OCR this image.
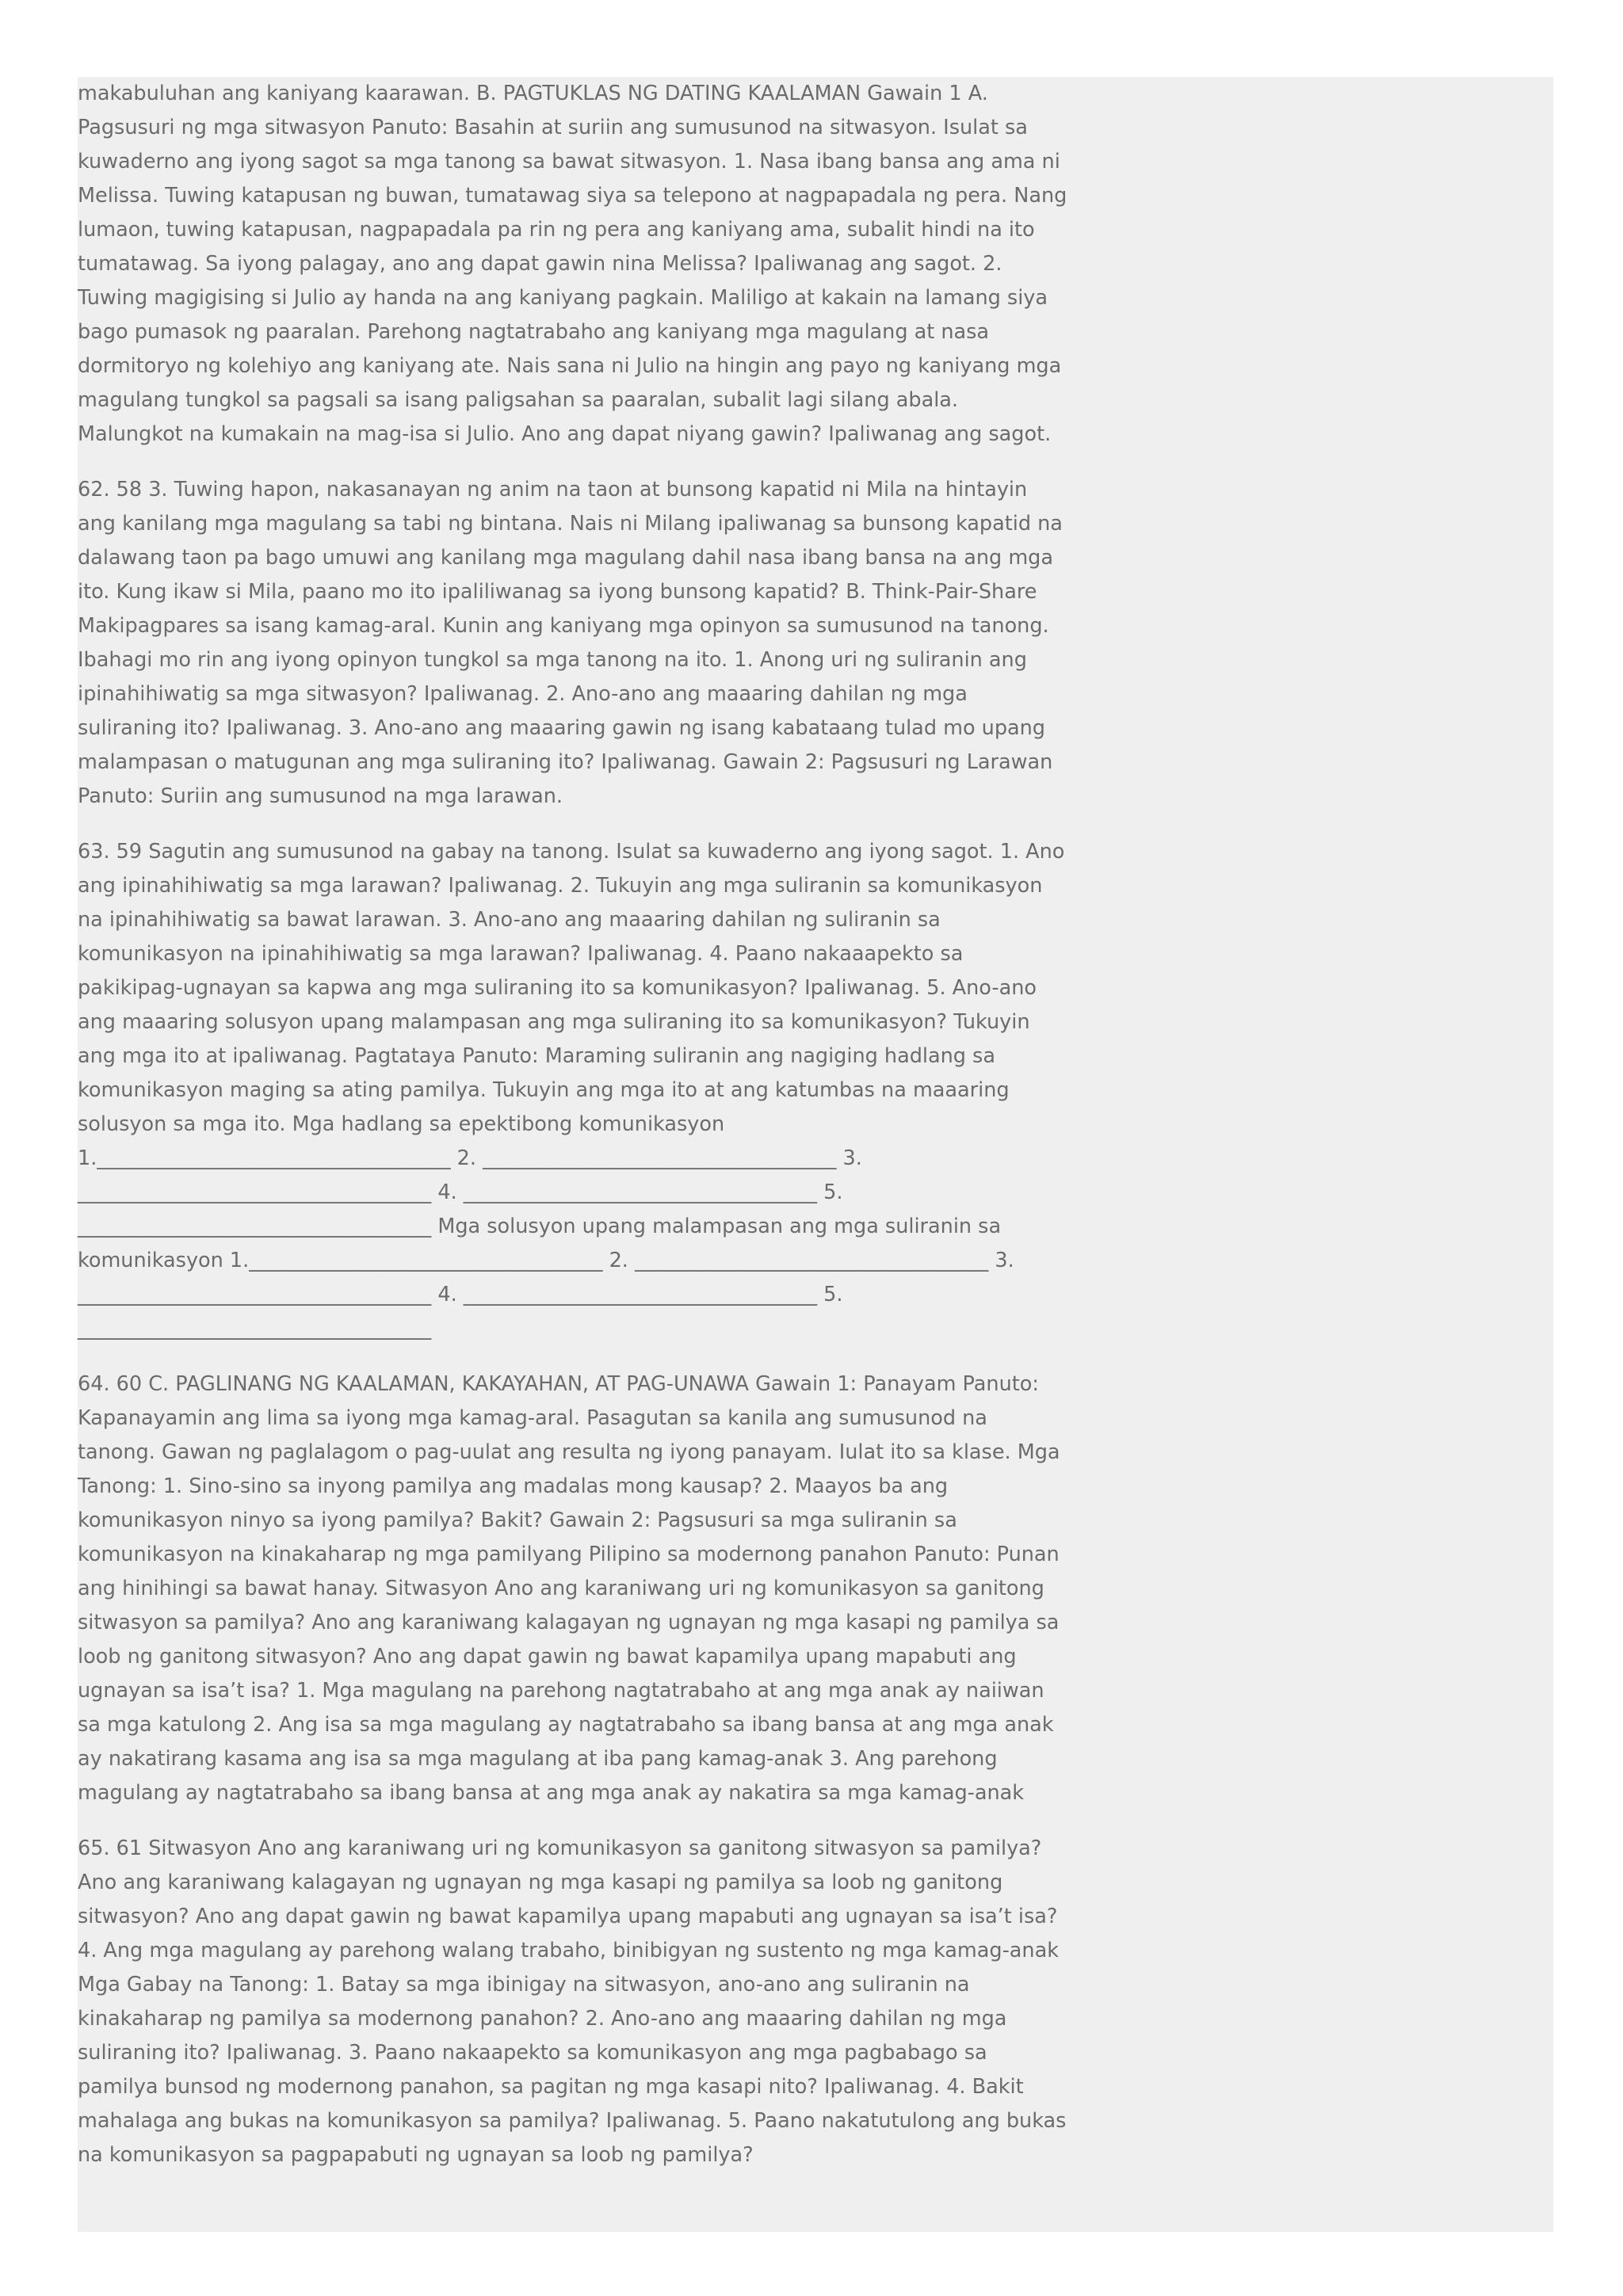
makabuluhan ang kaniyang kaarawan. B. PAGTUKLAS NG DATING KAALAMAN Gawain 1 A. Pagsusuri ng mga sitwasyon Panuto: Basahin at suriin ang sumusunod na sitwasyon. Isulat sa kuwaderno ang iyong sagot sa mga tanong sa bawat sitwasyon. 1. Nasa ibang bansa ang ama ni Melissa. Tuwing katapusan ng buwan, tumatawag siya sa telepono at nagpapadala ng pera. Nang lumaon, tuwing katapusan, nagpapadala pa rin ng pera ang kaniyang ama, subalit hindi na ito tumatawag. Sa iyong palagay, ano ang dapat gawin nina Melissa? Ipaliwanag ang sagot. 2. Tuwing magigising si Julio ay handa na ang kaniyang pagkain. Maliligo at kakain na lamang siya bago pumasok ng paaralan. Parehong nagtatrabaho ang kaniyang mga magulang at nasa dormitoryo ng kolehiyo ang kaniyang ate. Nais sana ni Julio na hingin ang payo ng kaniyang mga magulang tungkol sa pagsali sa isang paligsahan sa paaralan, subalit lagi silang abala. Malungkot na kumakain na mag-isa si Julio. Ano ang dapat niyang gawin? Ipaliwanag ang sagot.

62. 58 3. Tuwing hapon, nakasanayan ng anim na taon at bunsong kapatid ni Mila na hintayin ang kanilang mga magulang sa tabi ng bintana. Nais ni Milang ipaliwanag sa bunsong kapatid na dalawang taon pa bago umuwi ang kanilang mga magulang dahil nasa ibang bansa na ang mga ito. Kung ikaw si Mila, paano mo ito ipaliliwanag sa iyong bunsong kapatid? B. Think-Pair-Share Makipagpares sa isang kamag-aral. Kunin ang kaniyang mga opinyon sa sumusunod na tanong. Ibahagi mo rin ang iyong opinyon tungkol sa mga tanong na ito. 1. Anong uri ng suliranin ang ipinahihiwatig sa mga sitwasyon? Ipaliwanag. 2. Ano-ano ang maaaring dahilan ng mga suliraning ito? Ipaliwanag. 3. Ano-ano ang maaaring gawin ng isang kabataang tulad mo upang malampasan o matugunan ang mga suliraning ito? Ipaliwanag. Gawain 2: Pagsusuri ng Larawan Panuto: Suriin ang sumusunod na mga larawan.

63. 59 Sagutin ang sumusunod na gabay na tanong. Isulat sa kuwaderno ang iyong sagot. 1. Ano ang ipinahihiwatig sa mga larawan? Ipaliwanag. 2. Tukuyin ang mga suliranin sa komunikasyon na ipinahihiwatig sa bawat larawan. 3. Ano-ano ang maaaring dahilan ng suliranin sa komunikasyon na ipinahihiwatig sa mga larawan? Ipaliwanag. 4. Paano nakaaapekto sa pakikipag-ugnayan sa kapwa ang mga suliraning ito sa komunikasyon? Ipaliwanag. 5. Ano-ano ang maaaring solusyon upang malampasan ang mga suliraning ito sa komunikasyon? Tukuyin ang mga ito at ipaliwanag. Pagtataya Panuto: Maraming suliranin ang nagiging hadlang sa komunikasyon maging sa ating pamilya. Tukuyin ang mga ito at ang katumbas na maaaring solusyon sa mga ito. Mga hadlang sa epektibong komunikasyon 1.___________________________________ 2. ___________________________________ 3. ___________________________________ 4. ___________________________________ 5. ___________________________________ Mga solusyon upang malampasan ang mga suliranin sa komunikasyon 1.___________________________________ 2. ___________________________________ 3. ___________________________________ 4. ___________________________________ 5. ___________________________________

64. 60 C. PAGLINANG NG KAALAMAN, KAKAYAHAN, AT PAG-UNAWA Gawain 1: Panayam Panuto: Kapanayamin ang lima sa iyong mga kamag-aral. Pasagutan sa kanila ang sumusunod na tanong. Gawan ng paglalagom o pag-uulat ang resulta ng iyong panayam. Iulat ito sa klase. Mga Tanong: 1. Sino-sino sa inyong pamilya ang madalas mong kausap? 2. Maayos ba ang komunikasyon ninyo sa iyong pamilya? Bakit? Gawain 2: Pagsusuri sa mga suliranin sa komunikasyon na kinakaharap ng mga pamilyang Pilipino sa modernong panahon Panuto: Punan ang hinihingi sa bawat hanay. Sitwasyon Ano ang karaniwang uri ng komunikasyon sa ganitong sitwasyon sa pamilya? Ano ang karaniwang kalagayan ng ugnayan ng mga kasapi ng pamilya sa loob ng ganitong sitwasyon? Ano ang dapat gawin ng bawat kapamilya upang mapabuti ang ugnayan sa isa’t isa? 1. Mga magulang na parehong nagtatrabaho at ang mga anak ay naiiwan sa mga katulong 2. Ang isa sa mga magulang ay nagtatrabaho sa ibang bansa at ang mga anak ay nakatirang kasama ang isa sa mga magulang at iba pang kamag-anak 3. Ang parehong magulang ay nagtatrabaho sa ibang bansa at ang mga anak ay nakatira sa mga kamag-anak

65. 61 Sitwasyon Ano ang karaniwang uri ng komunikasyon sa ganitong sitwasyon sa pamilya? Ano ang karaniwang kalagayan ng ugnayan ng mga kasapi ng pamilya sa loob ng ganitong sitwasyon? Ano ang dapat gawin ng bawat kapamilya upang mapabuti ang ugnayan sa isa’t isa? 4. Ang mga magulang ay parehong walang trabaho, binibigyan ng sustento ng mga kamag-anak Mga Gabay na Tanong: 1. Batay sa mga ibinigay na sitwasyon, ano-ano ang suliranin na kinakaharap ng pamilya sa modernong panahon? 2. Ano-ano ang maaaring dahilan ng mga suliraning ito? Ipaliwanag. 3. Paano nakaapekto sa komunikasyon ang mga pagbabago sa pamilya bunsod ng modernong panahon, sa pagitan ng mga kasapi nito? Ipaliwanag. 4. Bakit mahalaga ang bukas na komunikasyon sa pamilya? Ipaliwanag. 5. Paano nakatutulong ang bukas na komunikasyon sa pagpapabuti ng ugnayan sa loob ng pamilya?
